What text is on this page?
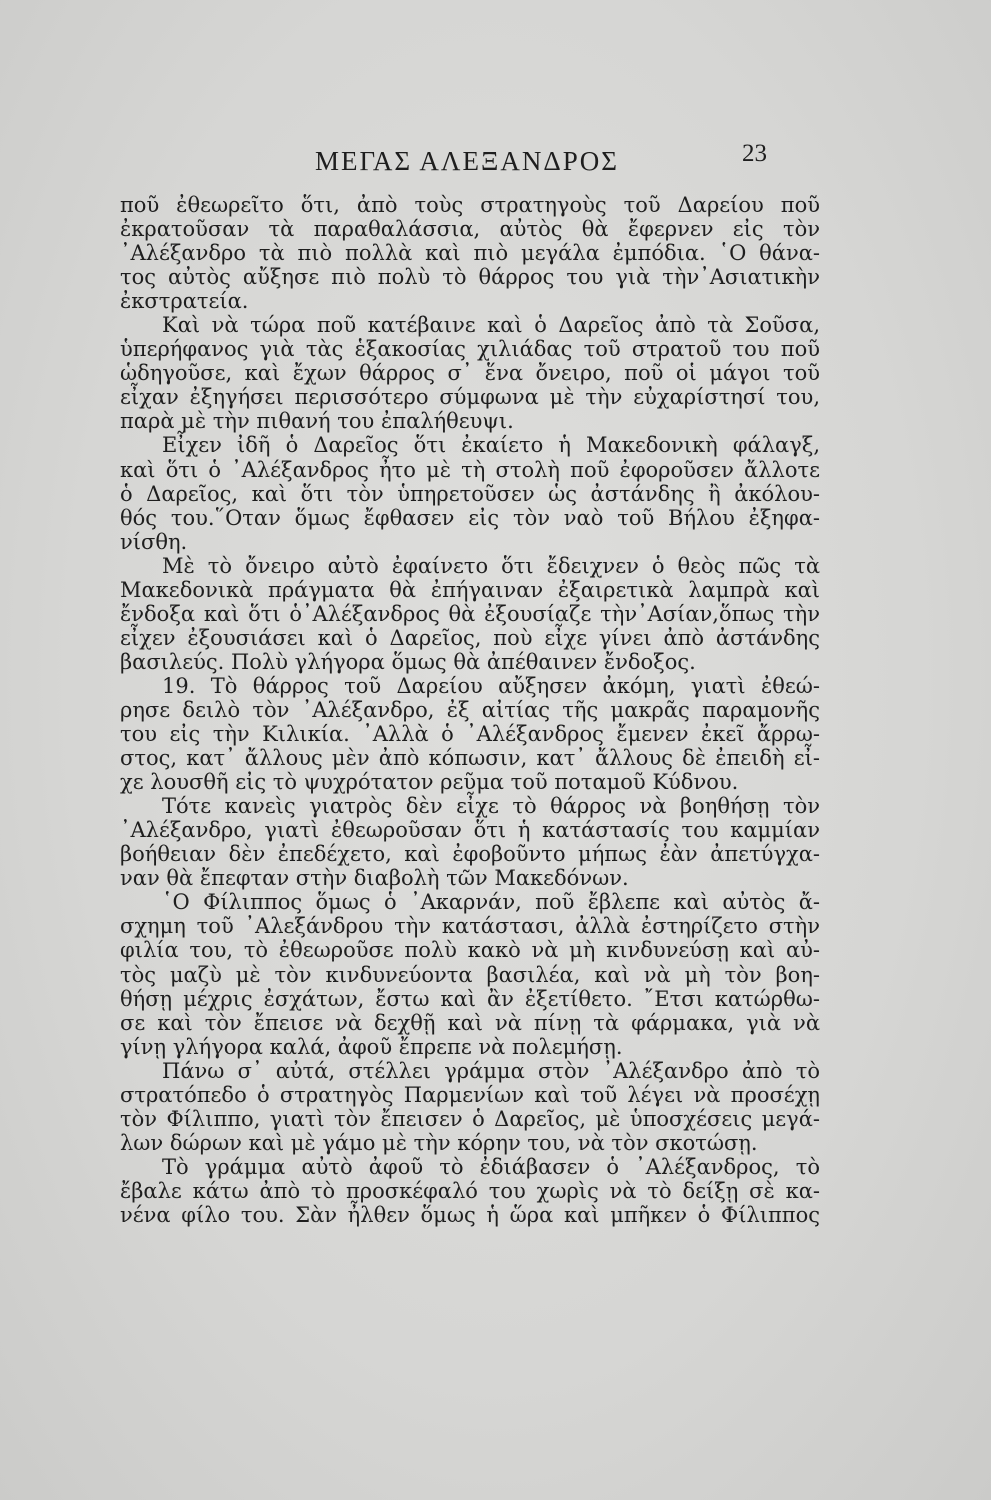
ΜΕΓΑΣ ΑΛΕΞΑΝΔΡΟΣ	23
ποῦ ἐθεωρεῖτο ὅτι, ἀπὸ τοὺς στρατηγοὺς τοῦ Δαρείου ποῦ
ἐκρατοῦσαν τὰ παραθαλάσσια, αὐτὸς θὰ ἔφερνεν εἰς τὸν
᾿Αλέξανδρο τὰ πιὸ πολλὰ καὶ πιὸ μεγάλα ἐμπόδια. ῾Ο θάνα-
τος αὐτὸς αὔξησε πιὸ πολὺ τὸ θάρρος του γιὰ τὴν᾿Ασιατικὴν
ἐκστρατεία.
Καὶ νὰ τώρα ποῦ κατέβαινε καὶ ὁ Δαρεῖος ἀπὸ τὰ Σοῦσα,
ὑπερήφανος γιὰ τὰς ἑξακοσίας χιλιάδας τοῦ στρατοῦ του ποῦ
ὡδηγοῦσε, καὶ ἔχων θάρρος σ᾿ ἕνα ὄνειρο, ποῦ οἱ μάγοι τοῦ
εἶχαν ἐξηγήσει περισσότερο σύμφωνα μὲ τὴν εὐχαρίστησί του,
παρὰ μὲ τὴν πιθανή του ἐπαλήθευψι.
Εἶχεν ἰδῆ ὁ Δαρεῖος ὅτι ἐκαίετο ἡ Μακεδονικὴ φάλαγξ,
καὶ ὅτι ὁ ᾿Αλέξανδρος ἦτο μὲ τὴ στολὴ ποῦ ἐφοροῦσεν ἄλλοτε
ὁ Δαρεῖος, καὶ ὅτι τὸν ὑπηρετοῦσεν ὡς ἀστάνδης ἢ ἀκόλου-
θός του.῞Οταν ὅμως ἔφθασεν εἰς τὸν ναὸ τοῦ Βήλου ἐξηφα-
νίσθη.
Μὲ τὸ ὄνειρο αὐτὸ ἐφαίνετο ὅτι ἔδειχνεν ὁ θεὸς πῶς τὰ
Μακεδονικὰ πράγματα θὰ ἐπήγαιναν ἐξαιρετικὰ λαμπρὰ καὶ
ἔνδοξα καὶ ὅτι ὁ᾿Αλέξανδρος θὰ ἐξουσίαζε τὴν᾿Ασίαν,ὅπως τὴν
εἶχεν ἐξουσιάσει καὶ ὁ Δαρεῖος, ποὺ εἶχε γίνει ἀπὸ ἀστάνδης
βασιλεύς. Πολὺ γλήγορα ὅμως θὰ ἀπέθαινεν ἔνδοξος.
19. Τὸ θάρρος τοῦ Δαρείου αὔξησεν ἀκόμη, γιατὶ ἐθεώ-
ρησε δειλὸ τὸν ᾿Αλέξανδρο, ἐξ αἰτίας τῆς μακρᾶς παραμονῆς
του εἰς τὴν Κιλικία. ᾿Αλλὰ ὁ ᾿Αλέξανδρος ἔμενεν ἐκεῖ ἄρρω-
στος, κατ᾿ ἄλλους μὲν ἀπὸ κόπωσιν, κατ᾿ ἄλλους δὲ ἐπειδὴ εἶ-
χε λουσθῆ εἰς τὸ ψυχρότατον ρεῦμα τοῦ ποταμοῦ Κύδνου.
Τότε κανεὶς γιατρὸς δὲν εἶχε τὸ θάρρος νὰ βοηθήσῃ τὸν
᾿Αλέξανδρο, γιατὶ ἐθεωροῦσαν ὅτι ἡ κατάστασίς του καμμίαν
βοήθειαν δὲν ἐπεδέχετο, καὶ ἐφοβοῦντο μήπως ἐὰν ἀπετύγχα-
ναν θὰ ἔπεφταν στὴν διαβολὴ τῶν Μακεδόνων.
῾Ο Φίλιππος ὅμως ὁ ᾿Ακαρνάν, ποῦ ἔβλεπε καὶ αὐτὸς ἄ-
σχημη τοῦ ᾿Αλεξάνδρου τὴν κατάστασι, ἀλλὰ ἐστηρίζετο στὴν
φιλία του, τὸ ἐθεωροῦσε πολὺ κακὸ νὰ μὴ κινδυνεύσῃ καὶ αὐ-
τὸς μαζὺ μὲ τὸν κινδυνεύοντα βασιλέα, καὶ νὰ μὴ τὸν βοη-
θήσῃ μέχρις ἐσχάτων, ἔστω καὶ ἂν ἐξετίθετο. ῎Ετσι κατώρθω-
σε καὶ τὸν ἔπεισε νὰ δεχθῇ καὶ νὰ πίνῃ τὰ φάρμακα, γιὰ νὰ
γίνῃ γλήγορα καλά, ἀφοῦ ἔπρεπε νὰ πολεμήσῃ.
Πάνω σ᾿ αὐτά, στέλλει γράμμα στὸν ᾿Αλέξανδρο ἀπὸ τὸ
στρατόπεδο ὁ στρατηγὸς Παρμενίων καὶ τοῦ λέγει νὰ προσέχῃ
τὸν Φίλιππο, γιατὶ τὸν ἔπεισεν ὁ Δαρεῖος, μὲ ὑποσχέσεις μεγά-
λων δώρων καὶ μὲ γάμο μὲ τὴν κόρην του, νὰ τὸν σκοτώσῃ.
Τὸ γράμμα αὐτὸ ἀφοῦ τὸ ἐδιάβασεν ὁ ᾿Αλέξανδρος, τὸ
ἔβαλε κάτω ἀπὸ τὸ προσκέφαλό του χωρὶς νὰ τὸ δείξῃ σὲ κα-
νένα φίλο του. Σὰν ἦλθεν ὅμως ἡ ὥρα καὶ μπῆκεν ὁ Φίλιππος
